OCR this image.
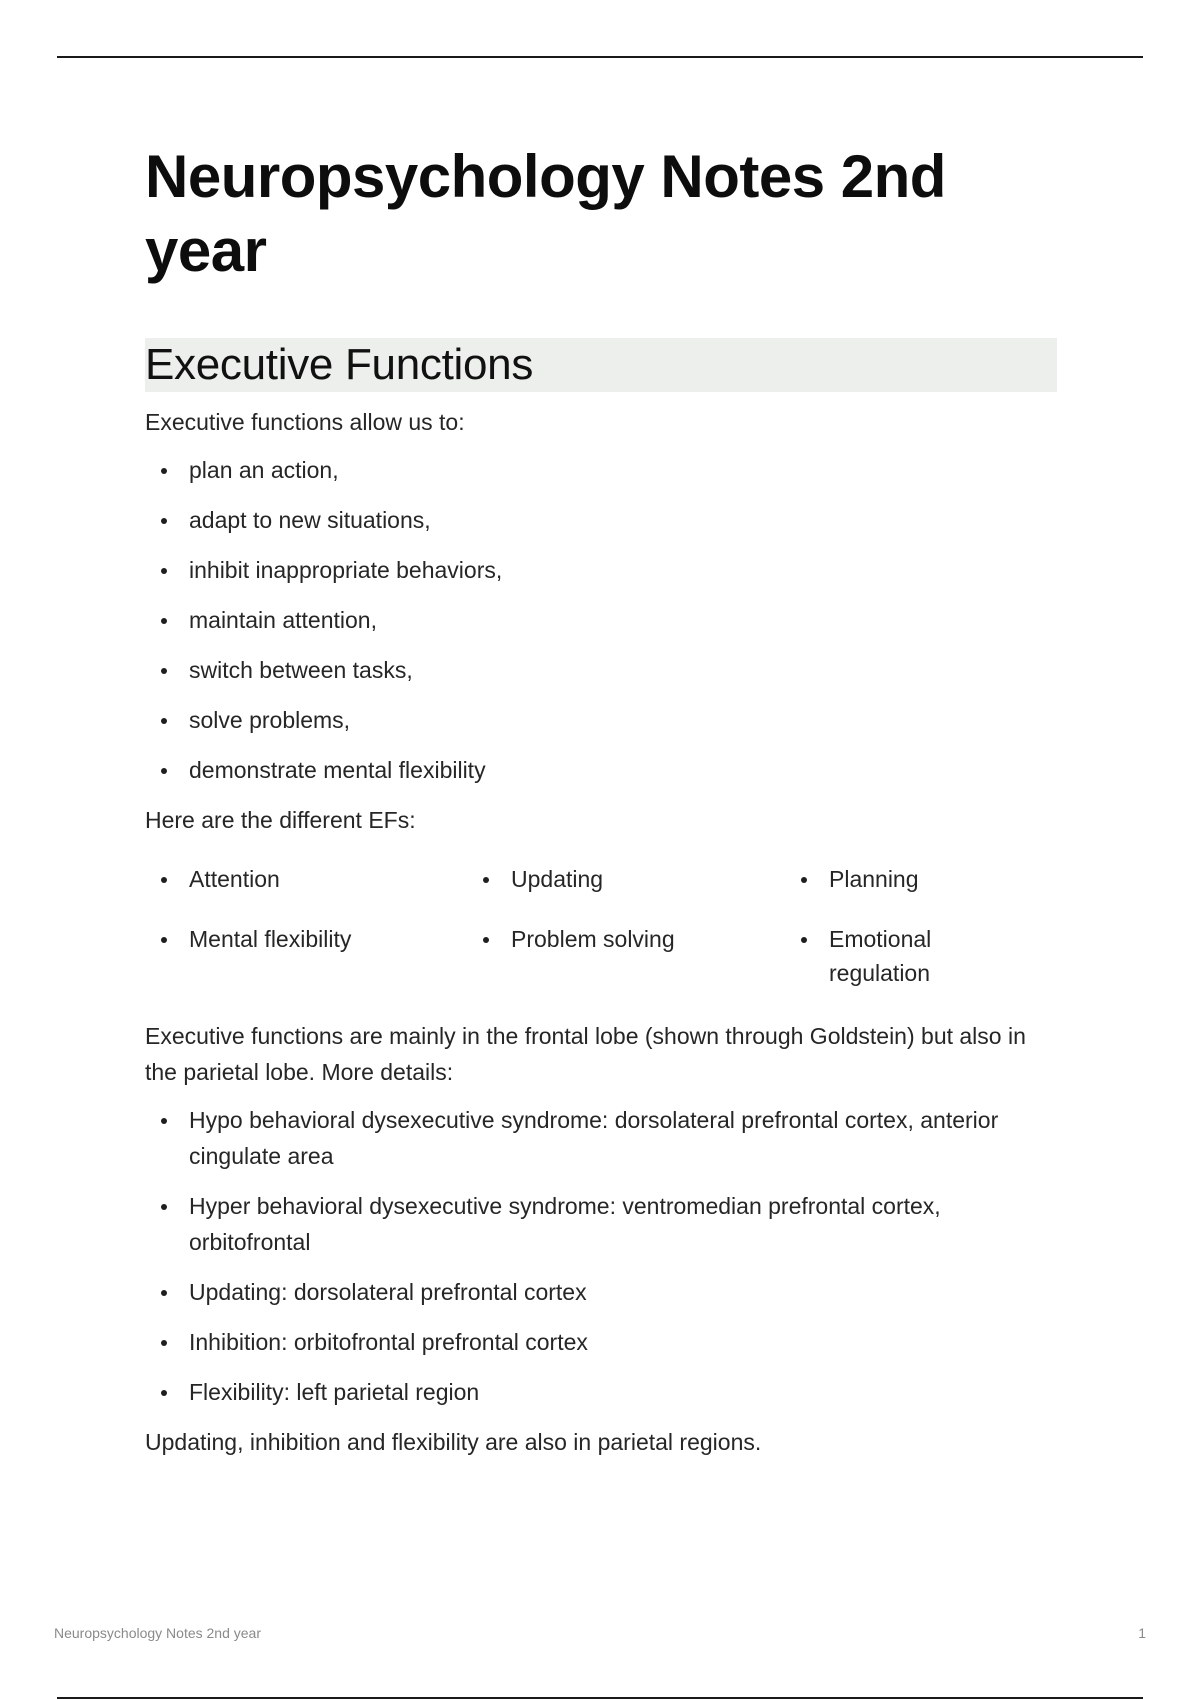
Neuropsychology Notes 2nd year
Executive Functions

Executive functions allow us to:

plan an action,
adapt to new situations,
inhibit inappropriate behaviors,
maintain attention,
switch between tasks,
solve problems,
demonstrate mental flexibility

Here are the different EFs:

Attention	Updating	Planning
Mental flexibility	Problem solving	Emotional regulation

Executive functions are mainly in the frontal lobe (shown through Goldstein) but also in the parietal lobe. More details:

Hypo behavioral dysexecutive syndrome: dorsolateral prefrontal cortex, anterior cingulate area
Hyper behavioral dysexecutive syndrome: ventromedian prefrontal cortex, orbitofrontal
Updating: dorsolateral prefrontal cortex
Inhibition: orbitofrontal prefrontal cortex
Flexibility: left parietal region

Updating, inhibition and flexibility are also in parietal regions.

Neuropsychology Notes 2nd year	1
